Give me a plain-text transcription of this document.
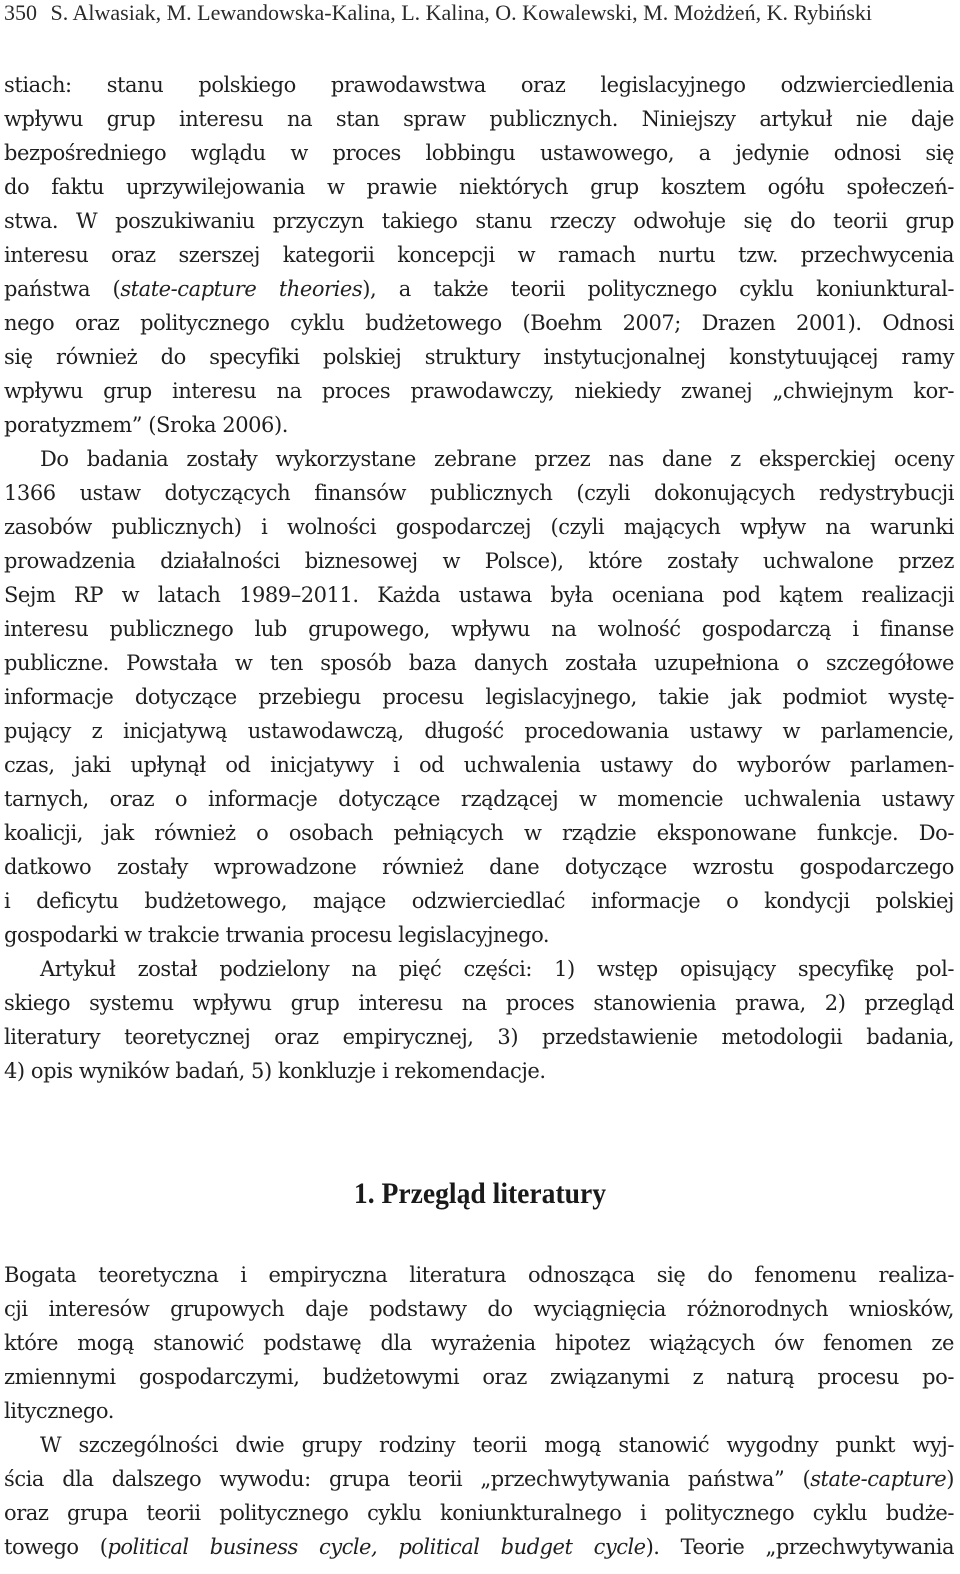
350 S. Alwasiak, M. Lewandowska-Kalina, L. Kalina, O. Kowalewski, M. Możdżeń, K. Rybiński
stiach: stanu polskiego prawodawstwa oraz legislacyjnego odzwierciedlenia
wpływu grup interesu na stan spraw publicznych. Niniejszy artykuł nie daje
bezpośredniego wglądu w proces lobbingu ustawowego, a jedynie odnosi się
do faktu uprzywilejowania w prawie niektórych grup kosztem ogółu społeczeń-
stwa. W poszukiwaniu przyczyn takiego stanu rzeczy odwołuje się do teorii grup
interesu oraz szerszej kategorii koncepcji w ramach nurtu tzw. przechwycenia
państwa (state-capture theories), a także teorii politycznego cyklu koniunktural-
nego oraz politycznego cyklu budżetowego (Boehm 2007; Drazen 2001). Odnosi
się również do specyfiki polskiej struktury instytucjonalnej konstytuującej ramy
wpływu grup interesu na proces prawodawczy, niekiedy zwanej „chwiejnym kor-
poratyzmem” (Sroka 2006).
Do badania zostały wykorzystane zebrane przez nas dane z eksperckiej oceny
1366 ustaw dotyczących finansów publicznych (czyli dokonujących redystrybucji
zasobów publicznych) i wolności gospodarczej (czyli mających wpływ na warunki
prowadzenia działalności biznesowej w Polsce), które zostały uchwalone przez
Sejm RP w latach 1989–2011. Każda ustawa była oceniana pod kątem realizacji
interesu publicznego lub grupowego, wpływu na wolność gospodarczą i finanse
publiczne. Powstała w ten sposób baza danych została uzupełniona o szczegółowe
informacje dotyczące przebiegu procesu legislacyjnego, takie jak podmiot wystę-
pujący z inicjatywą ustawodawczą, długość procedowania ustawy w parlamencie,
czas, jaki upłynął od inicjatywy i od uchwalenia ustawy do wyborów parlamen-
tarnych, oraz o informacje dotyczące rządzącej w momencie uchwalenia ustawy
koalicji, jak również o osobach pełniących w rządzie eksponowane funkcje. Do-
datkowo zostały wprowadzone również dane dotyczące wzrostu gospodarczego
i deficytu budżetowego, mające odzwierciedlać informacje o kondycji polskiej
gospodarki w trakcie trwania procesu legislacyjnego.
Artykuł został podzielony na pięć części: 1) wstęp opisujący specyfikę pol-
skiego systemu wpływu grup interesu na proces stanowienia prawa, 2) przegląd
literatury teoretycznej oraz empirycznej, 3) przedstawienie metodologii badania,
4) opis wyników badań, 5) konkluzje i rekomendacje.
1. Przegląd literatury
Bogata teoretyczna i empiryczna literatura odnosząca się do fenomenu realiza-
cji interesów grupowych daje podstawy do wyciągnięcia różnorodnych wniosków,
które mogą stanowić podstawę dla wyrażenia hipotez wiążących ów fenomen ze
zmiennymi gospodarczymi, budżetowymi oraz związanymi z naturą procesu po-
litycznego.
W szczególności dwie grupy rodziny teorii mogą stanowić wygodny punkt wyj-
ścia dla dalszego wywodu: grupa teorii „przechwytywania państwa” (state-capture)
oraz grupa teorii politycznego cyklu koniunkturalnego i politycznego cyklu budże-
towego (political business cycle, political budget cycle). Teorie „przechwytywania
